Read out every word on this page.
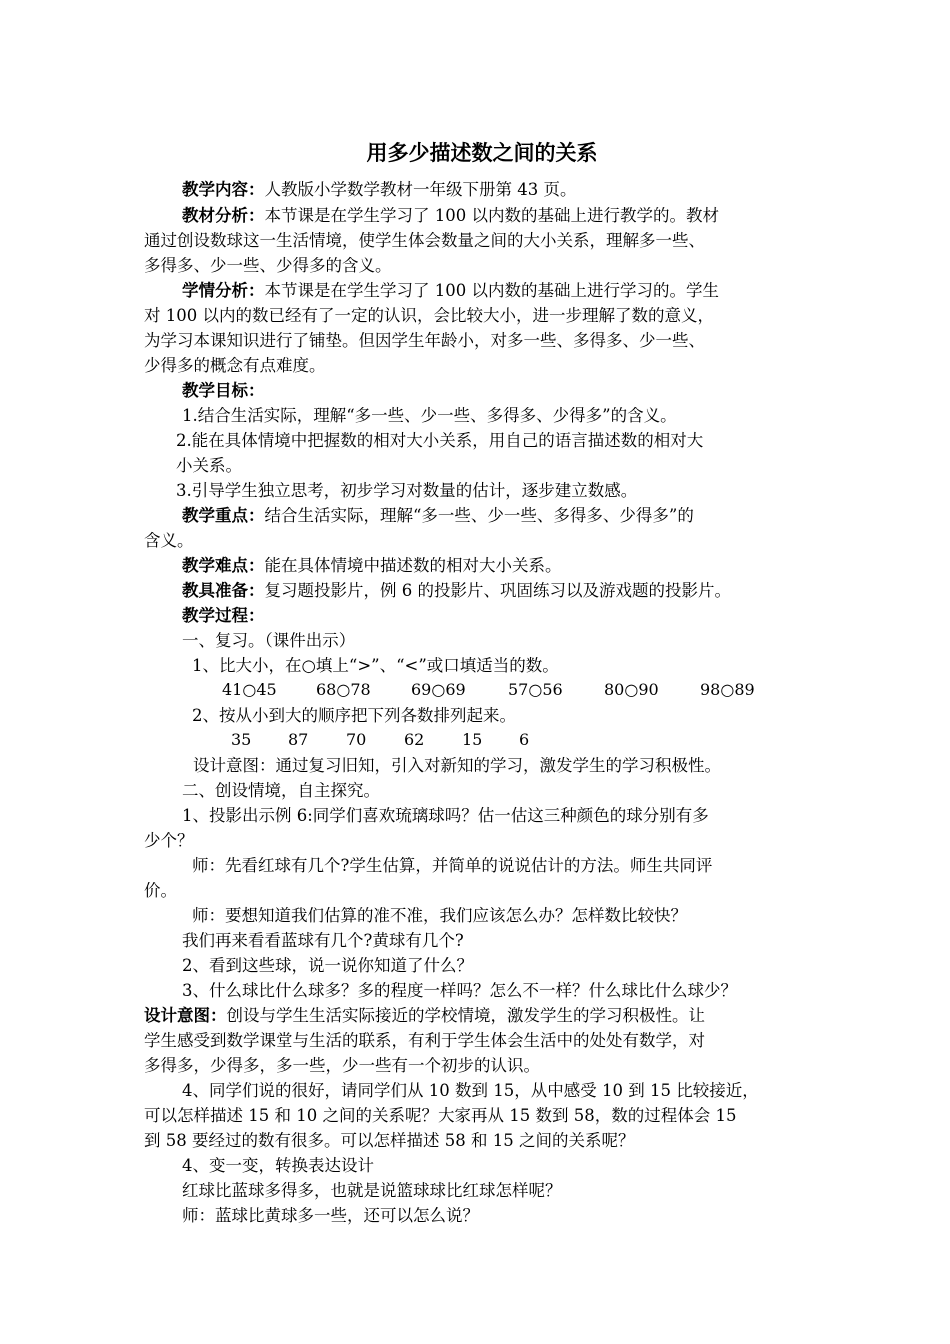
用多少描述数之间的关系

教学内容：人教版小学数学教材一年级下册第 43 页。

教材分析：本节课是在学生学习了 100 以内数的基础上进行教学的。教材

通过创设数球这一生活情境，使学生体会数量之间的大小关系，理解多一些、

多得多、少一些、少得多的含义。

学情分析：本节课是在学生学习了 100 以内数的基础上进行学习的。学生

对 100 以内的数已经有了一定的认识，会比较大小，进一步理解了数的意义，

为学习本课知识进行了铺垫。但因学生年龄小，对多一些、多得多、少一些、

少得多的概念有点难度。

教学目标：

1.结合生活实际，理解“多一些、少一些、多得多、少得多”的含义。

2.能在具体情境中把握数的相对大小关系，用自己的语言描述数的相对大

小关系。

3.引导学生独立思考，初步学习对数量的估计，逐步建立数感。

教学重点：结合生活实际，理解“多一些、少一些、多得多、少得多”的

含义。

教学难点：能在具体情境中描述数的相对大小关系。

教具准备：复习题投影片，例 6 的投影片、巩固练习以及游戏题的投影片。

教学过程：

一、复习。（课件出示）

1、比大小，在○填上“>”、“<”或口填适当的数。

41○45 68○78	69○69	57○56	80○90	98○89

2、按从小到大的顺序把下列各数排列起来。

35 87 70 62 15 6

设计意图：通过复习旧知，引入对新知的学习，激发学生的学习积极性。

二、创设情境，自主探究。

1、投影出示例 6:同学们喜欢琉璃球吗？估一估这三种颜色的球分别有多

少个？

师：先看红球有几个?学生估算，并简单的说说估计的方法。师生共同评

价。

师：要想知道我们估算的准不准，我们应该怎么办？怎样数比较快？

我们再来看看蓝球有几个?黄球有几个?

2、看到这些球，说一说你知道了什么？

3、什么球比什么球多？多的程度一样吗？怎么不一样？什么球比什么球少？

设计意图：创设与学生生活实际接近的学校情境，激发学生的学习积极性。让

学生感受到数学课堂与生活的联系，有利于学生体会生活中的处处有数学，对

多得多，少得多，多一些，少一些有一个初步的认识。

4、同学们说的很好，请同学们从 10 数到 15，从中感受 10 到 15 比较接近，

可以怎样描述 15 和 10 之间的关系呢？大家再从 15 数到 58，数的过程体会 15

到 58 要经过的数有很多。可以怎样描述 58 和 15 之间的关系呢？

4、变一变，转换表达设计

红球比蓝球多得多，也就是说篮球球比红球怎样呢？

师：蓝球比黄球多一些，还可以怎么说？
